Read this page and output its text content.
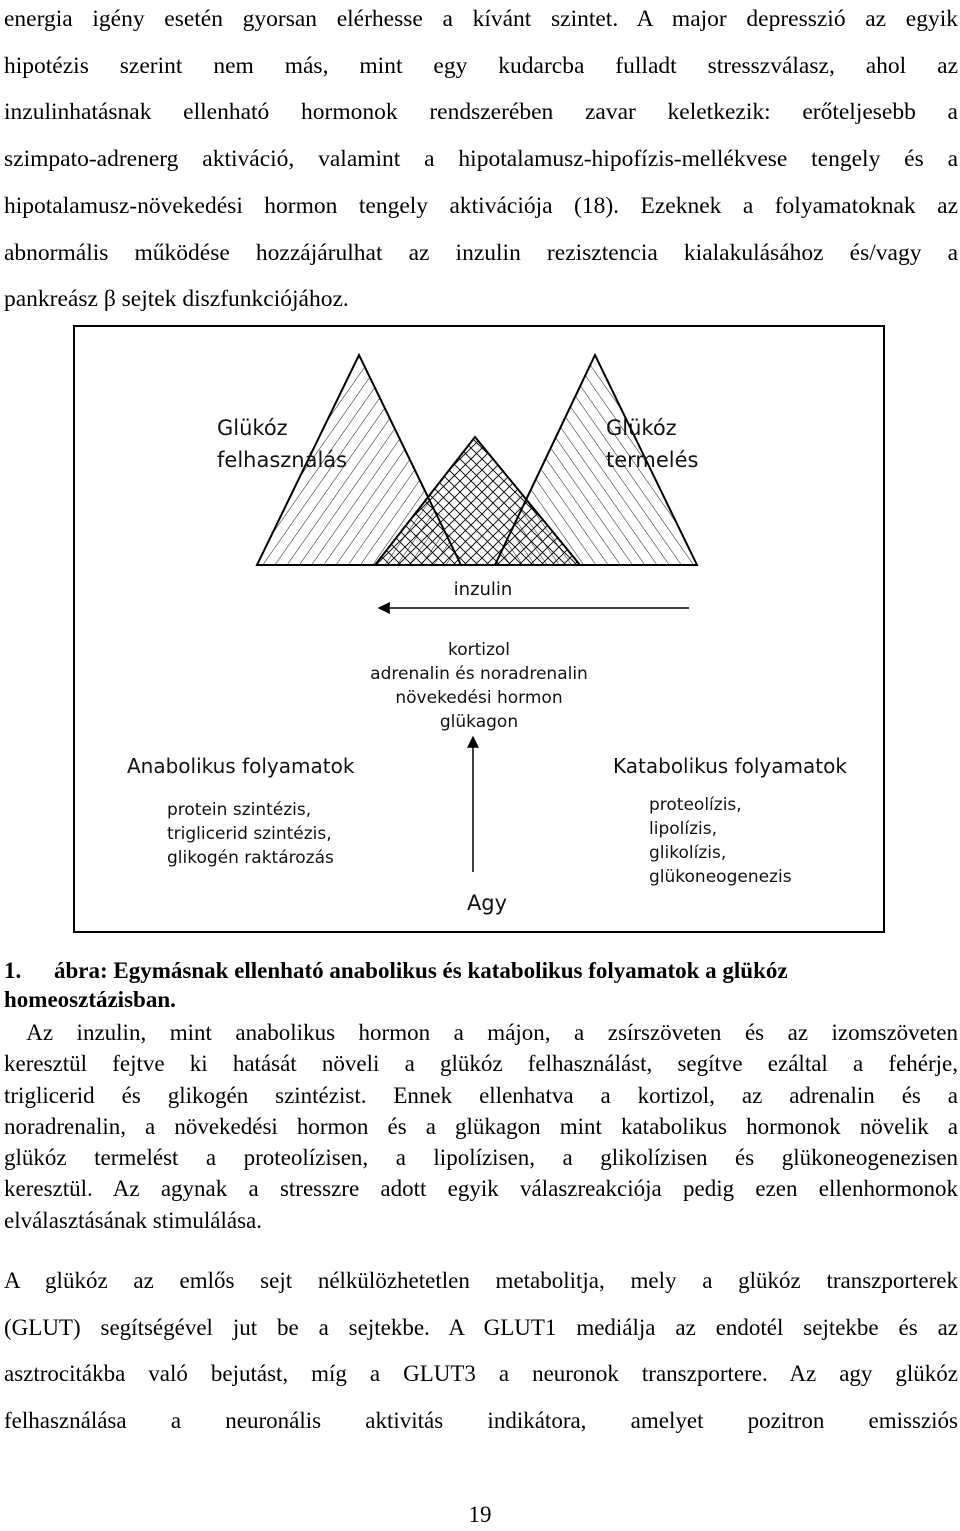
energia igény esetén gyorsan elérhesse a kívánt szintet. A major depresszió az egyik
hipotézis szerint nem más, mint egy kudarcba fulladt stresszválasz, ahol az
inzulinhatásnak ellenható hormonok rendszerében zavar keletkezik: erőteljesebb a
szimpato-adrenerg aktiváció, valamint a hipotalamusz-hipofízis-mellékvese tengely és a
hipotalamusz-növekedési hormon tengely aktivációja (18). Ezeknek a folyamatoknak az
abnormális működése hozzájárulhat az inzulin rezisztencia kialakulásához és/vagy a
pankreász β sejtek diszfunkciójához.

Glükóz
felhasználás
Glükóz
termelés
inzulin
kortizol
adrenalin és noradrenalin
növekedési hormon
glükagon
Agy
Anabolikus folyamatok
protein szintézis,
triglicerid szintézis,
glikogén raktározás
Katabolikus folyamatok
proteolízis,
lipolízis,
glikolízis,
glükoneogenezis

1. ábra: Egymásnak ellenható anabolikus és katabolikus folyamatok a glükóz
homeosztázisban.

Az inzulin, mint anabolikus hormon a májon, a zsírszöveten és az izomszöveten
keresztül fejtve ki hatását növeli a glükóz felhasználást, segítve ezáltal a fehérje,
triglicerid és glikogén szintézist. Ennek ellenhatva a kortizol, az adrenalin és a
noradrenalin, a növekedési hormon és a glükagon mint katabolikus hormonok növelik a
glükóz termelést a proteolízisen, a lipolízisen, a glikolízisen és glükoneogenezisen
keresztül. Az agynak a stresszre adott egyik válaszreakciója pedig ezen ellenhormonok
elválasztásának stimulálása.

A glükóz az emlős sejt nélkülözhetetlen metabolitja, mely a glükóz transzporterek
(GLUT) segítségével jut be a sejtekbe. A GLUT1 mediálja az endotél sejtekbe és az
asztrocitákba való bejutást, míg a GLUT3 a neuronok transzportere. Az agy glükóz
felhasználása a neuronális aktivitás indikátora, amelyet pozitron emissziós

19
